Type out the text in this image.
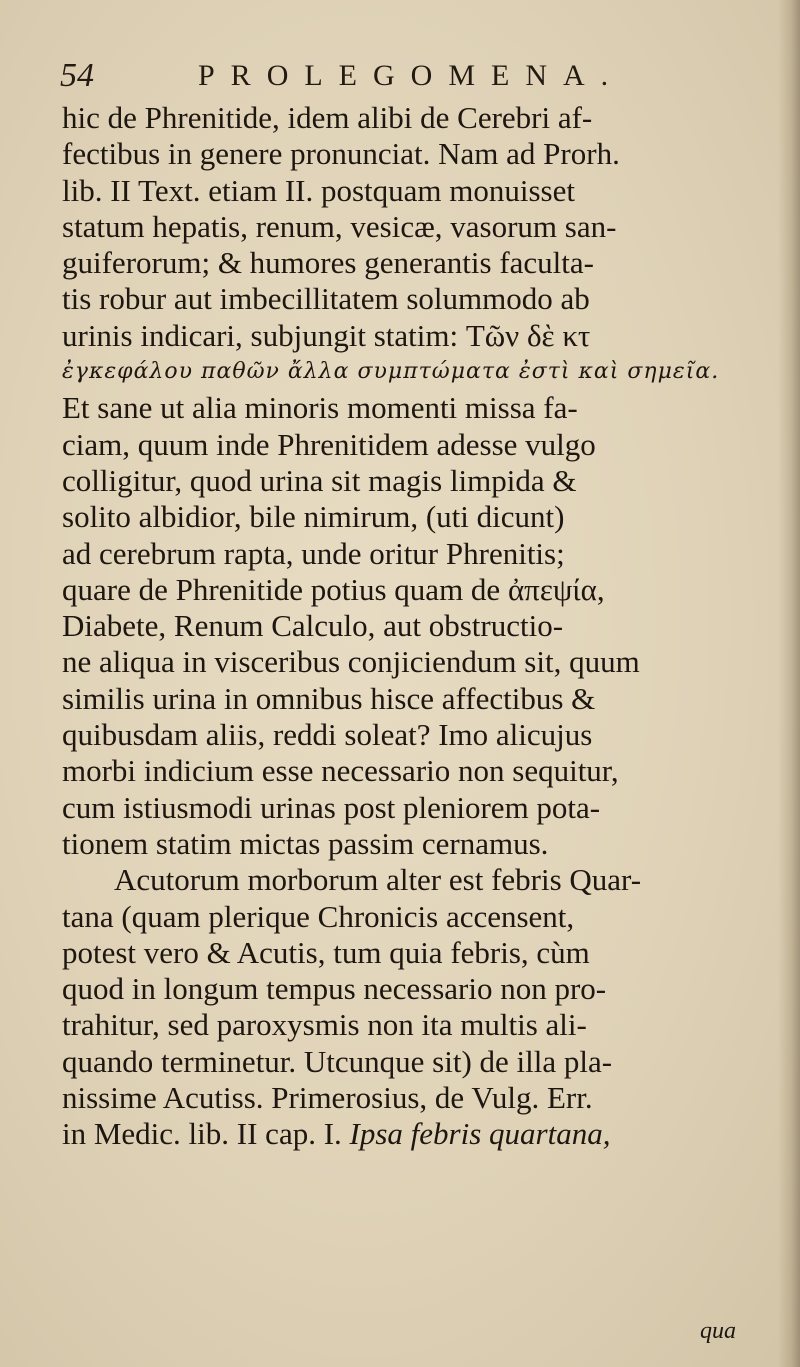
54	PROLEGOMENA.
hic de Phrenitide, idem alibi de Cerebri af-
fectibus in genere pronunciat. Nam ad Prorh.
lib. II Text. etiam II. postquam monuisset
statum hepatis, renum, vesicæ, vasorum san-
guiferorum; & humores generantis faculta-
tis robur aut imbecillitatem solummodo ab
urinis indicari, subjungit statim: Τῶν δὲ κτ
ἐγκεφάλου παθῶν ἄλλα συμπτώματα ἐστὶ καὶ σημεῖα.
Et sane ut alia minoris momenti missa fa-
ciam, quum inde Phrenitidem adesse vulgo
colligitur, quod urina sit magis limpida &
solito albidior, bile nimirum, (uti dicunt)
ad cerebrum rapta, unde oritur Phrenitis;
quare de Phrenitide potius quam de ἀπεψία,
Diabete, Renum Calculo, aut obstructio-
ne aliqua in visceribus conjiciendum sit, quum
similis urina in omnibus hisce affectibus &
quibusdam aliis, reddi soleat? Imo alicujus
morbi indicium esse necessario non sequitur,
cum istiusmodi urinas post pleniorem pota-
tionem statim mictas passim cernamus.
Acutorum morborum alter est febris Quar-
tana (quam plerique Chronicis accensent,
potest vero & Acutis, tum quia febris, cùm
quod in longum tempus necessario non pro-
trahitur, sed paroxysmis non ita multis ali-
quando terminetur. Utcunque sit) de illa pla-
nissime Acutiss. Primerosius, de Vulg. Err.
in Medic. lib. II cap. I. Ipsa febris quartana,
qua
